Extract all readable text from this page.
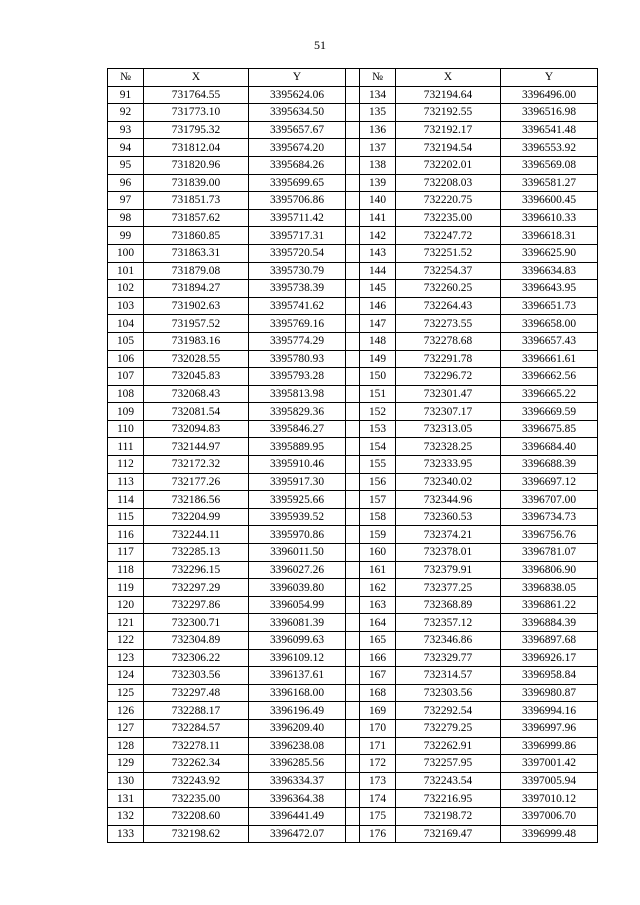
51
№	X	Y		№	X	Y
91	731764.55	3395624.06		134	732194.64	3396496.00
92	731773.10	3395634.50		135	732192.55	3396516.98
93	731795.32	3395657.67		136	732192.17	3396541.48
94	731812.04	3395674.20		137	732194.54	3396553.92
95	731820.96	3395684.26		138	732202.01	3396569.08
96	731839.00	3395699.65		139	732208.03	3396581.27
97	731851.73	3395706.86		140	732220.75	3396600.45
98	731857.62	3395711.42		141	732235.00	3396610.33
99	731860.85	3395717.31		142	732247.72	3396618.31
100	731863.31	3395720.54		143	732251.52	3396625.90
101	731879.08	3395730.79		144	732254.37	3396634.83
102	731894.27	3395738.39		145	732260.25	3396643.95
103	731902.63	3395741.62		146	732264.43	3396651.73
104	731957.52	3395769.16		147	732273.55	3396658.00
105	731983.16	3395774.29		148	732278.68	3396657.43
106	732028.55	3395780.93		149	732291.78	3396661.61
107	732045.83	3395793.28		150	732296.72	3396662.56
108	732068.43	3395813.98		151	732301.47	3396665.22
109	732081.54	3395829.36		152	732307.17	3396669.59
110	732094.83	3395846.27		153	732313.05	3396675.85
111	732144.97	3395889.95		154	732328.25	3396684.40
112	732172.32	3395910.46		155	732333.95	3396688.39
113	732177.26	3395917.30		156	732340.02	3396697.12
114	732186.56	3395925.66		157	732344.96	3396707.00
115	732204.99	3395939.52		158	732360.53	3396734.73
116	732244.11	3395970.86		159	732374.21	3396756.76
117	732285.13	3396011.50		160	732378.01	3396781.07
118	732296.15	3396027.26		161	732379.91	3396806.90
119	732297.29	3396039.80		162	732377.25	3396838.05
120	732297.86	3396054.99		163	732368.89	3396861.22
121	732300.71	3396081.39		164	732357.12	3396884.39
122	732304.89	3396099.63		165	732346.86	3396897.68
123	732306.22	3396109.12		166	732329.77	3396926.17
124	732303.56	3396137.61		167	732314.57	3396958.84
125	732297.48	3396168.00		168	732303.56	3396980.87
126	732288.17	3396196.49		169	732292.54	3396994.16
127	732284.57	3396209.40		170	732279.25	3396997.96
128	732278.11	3396238.08		171	732262.91	3396999.86
129	732262.34	3396285.56		172	732257.95	3397001.42
130	732243.92	3396334.37		173	732243.54	3397005.94
131	732235.00	3396364.38		174	732216.95	3397010.12
132	732208.60	3396441.49		175	732198.72	3397006.70
133	732198.62	3396472.07		176	732169.47	3396999.48
